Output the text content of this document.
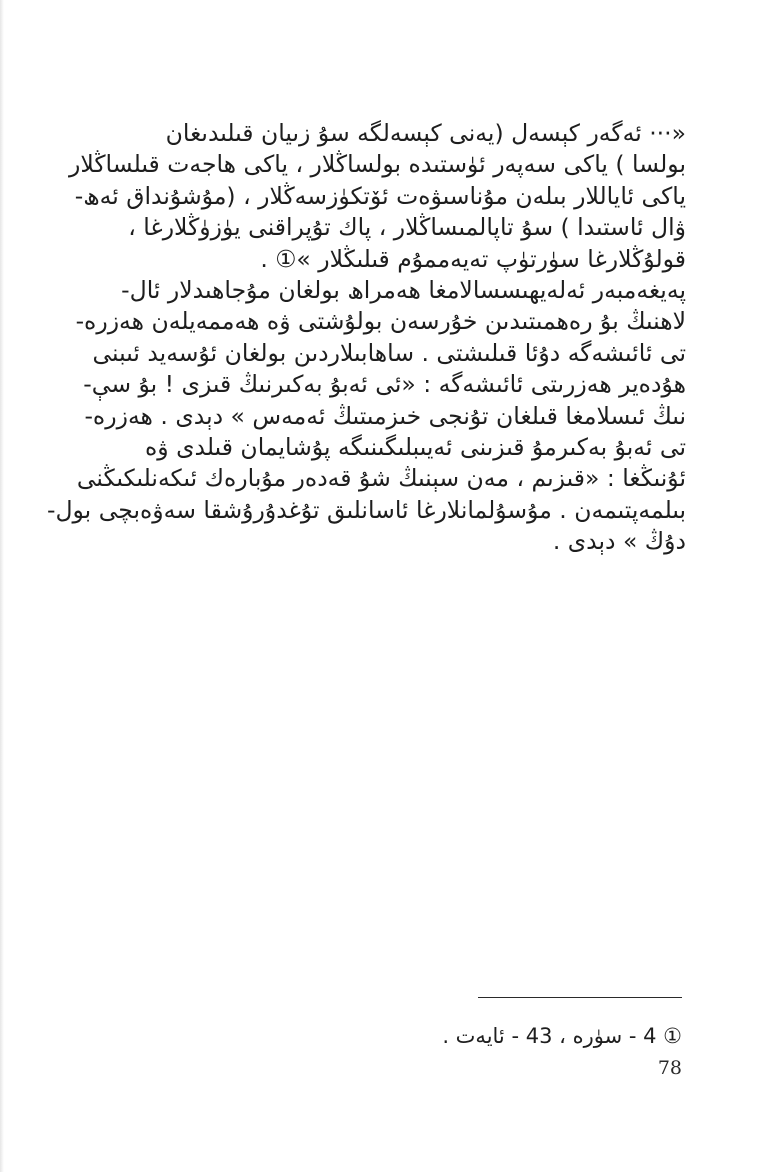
«··· ئەگەر كېسەل (يەنى كېسەلگە سۇ زىيان قىلىدىغان
بولسا ) ياكى سەپەر ئۈستىدە بولساڭلار ، ياكى ھاجەت قىلساڭلار
ياكى ئاياللار بىلەن مۇناسىۋەت ئۆتكۈزسەڭلار ، (مۇشۇنداق ئەھ-
ۋال ئاستىدا ) سۇ تاپالمىساڭلار ، پاك تۇپراقنى يۈزۈڭلارغا ،
قولۇڭلارغا سۈرتۈپ تەيەممۇم قىلىڭلار »① .
پەيغەمبەر ئەلەيھىسسالامغا ھەمراھ بولغان مۇجاھىدلار ئال-
لاھنىڭ بۇ رەھمىتىدىن خۇرسەن بولۇشتى ۋە ھەممەيلەن ھەزرە-
تى ئائىشەگە دۇئا قىلىشتى . ساھابىلاردىن بولغان ئۇسەيد ئىبنى
ھۇدەير ھەزرىتى ئائىشەگە : «ئى ئەبۇ بەكىرنىڭ قىزى ! بۇ سې-
نىڭ ئىسلامغا قىلغان تۇنجى خىزمىتىڭ ئەمەس » دېدى . ھەزرە-
تى ئەبۇ بەكىرمۇ قىزىنى ئەيىبلىگىنىگە پۇشايمان قىلدى ۋە
ئۇنىڭغا : «قىزىم ، مەن سېنىڭ شۇ قەدەر مۇبارەك ئىكەنلىكىڭنى
بىلمەپتىمەن . مۇسۇلمانلارغا ئاسانلىق تۇغدۇرۇشقا سەۋەبچى بول-
دۇڭ » دېدى .
① 4 - سۈرە ، 43 - ئايەت .
78
